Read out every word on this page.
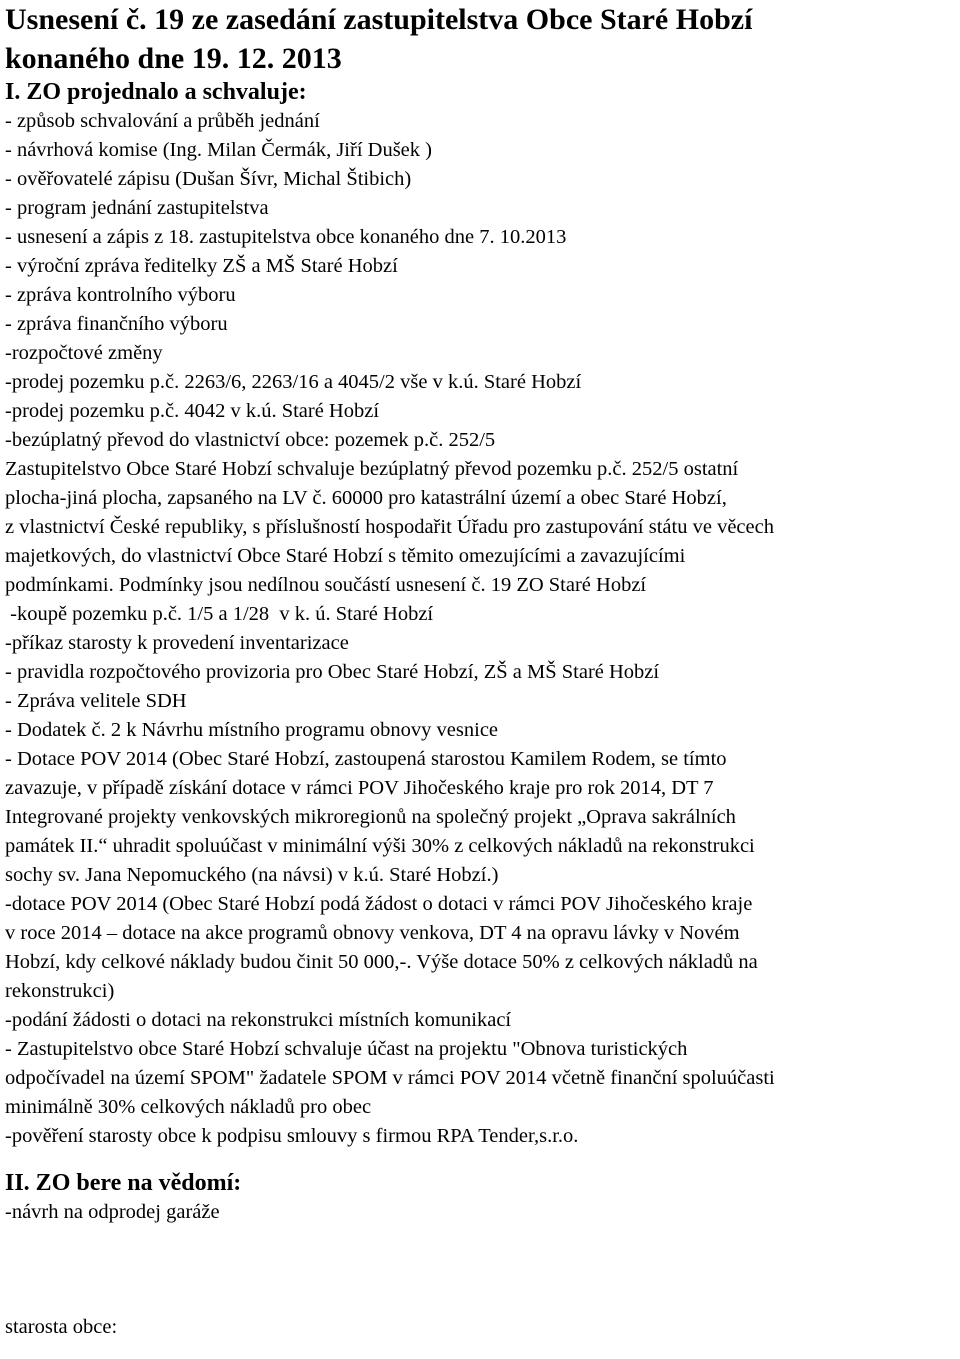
Usnesení č. 19 ze zasedání zastupitelstva Obce Staré Hobzí

konaného dne 19. 12. 2013

I. ZO projednalo a schvaluje:

- způsob schvalování a průběh jednání

- návrhová komise (Ing. Milan Čermák, Jiří Dušek )

- ověřovatelé zápisu (Dušan Šívr, Michal Štibich)

- program jednání zastupitelstva

- usnesení a zápis z 18. zastupitelstva obce konaného dne 7. 10.2013

- výroční zpráva ředitelky ZŠ a MŠ Staré Hobzí

- zpráva kontrolního výboru

- zpráva finančního výboru

-rozpočtové změny

-prodej pozemku p.č. 2263/6, 2263/16 a 4045/2 vše v k.ú. Staré Hobzí

-prodej pozemku p.č. 4042 v k.ú. Staré Hobzí

-bezúplatný převod do vlastnictví obce: pozemek p.č. 252/5

Zastupitelstvo Obce Staré Hobzí schvaluje bezúplatný převod pozemku p.č. 252/5 ostatní

plocha-jiná plocha, zapsaného na LV č. 60000 pro katastrální území a obec Staré Hobzí,

z vlastnictví České republiky, s příslušností hospodařit Úřadu pro zastupování státu ve věcech

majetkových, do vlastnictví Obce Staré Hobzí s těmito omezujícími a zavazujícími

podmínkami. Podmínky jsou nedílnou součástí usnesení č. 19 ZO Staré Hobzí

-koupě pozemku p.č. 1/5 a 1/28  v k. ú. Staré Hobzí

-příkaz starosty k provedení inventarizace

- pravidla rozpočtového provizoria pro Obec Staré Hobzí, ZŠ a MŠ Staré Hobzí

- Zpráva velitele SDH

- Dodatek č. 2 k Návrhu místního programu obnovy vesnice

- Dotace POV 2014 (Obec Staré Hobzí, zastoupená starostou Kamilem Rodem, se tímto

zavazuje, v případě získání dotace v rámci POV Jihočeského kraje pro rok 2014, DT 7

Integrované projekty venkovských mikroregionů na společný projekt „Oprava sakrálních

památek II.“ uhradit spoluúčast v minimální výši 30% z celkových nákladů na rekonstrukci

sochy sv. Jana Nepomuckého (na návsi) v k.ú. Staré Hobzí.)

-dotace POV 2014 (Obec Staré Hobzí podá žádost o dotaci v rámci POV Jihočeského kraje

v roce 2014 – dotace na akce programů obnovy venkova, DT 4 na opravu lávky v Novém

Hobzí, kdy celkové náklady budou činit 50 000,-. Výše dotace 50% z celkových nákladů na

rekonstrukci)

-podání žádosti o dotaci na rekonstrukci místních komunikací

- Zastupitelstvo obce Staré Hobzí schvaluje účast na projektu "Obnova turistických

odpočívadel na území SPOM" žadatele SPOM v rámci POV 2014 včetně finanční spoluúčasti

minimálně 30% celkových nákladů pro obec

-pověření starosty obce k podpisu smlouvy s firmou RPA Tender,s.r.o.

II. ZO bere na vědomí:

-návrh na odprodej garáže

starosta obce:
